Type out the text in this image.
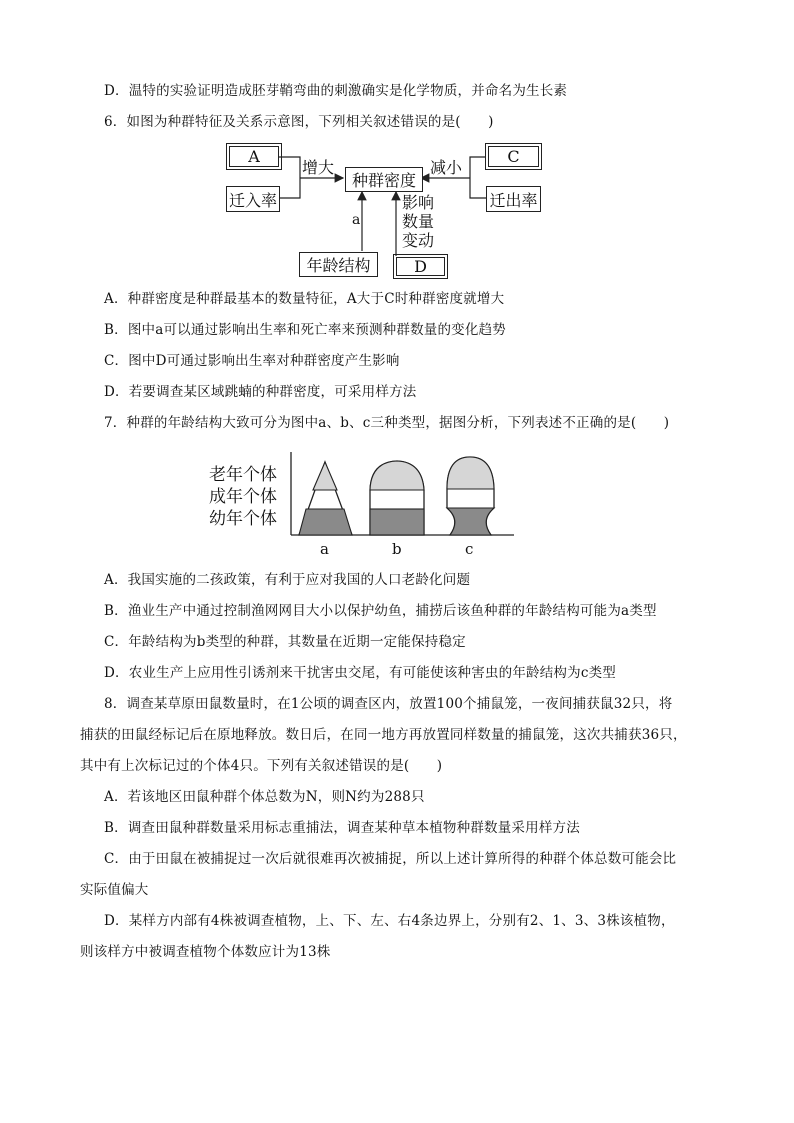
D．温特的实验证明造成胚芽鞘弯曲的刺激确实是化学物质，并命名为生长素
6．如图为种群特征及关系示意图，下列相关叙述错误的是(　　)
A
迁入率
种群密度
C
迁出率
年龄结构	D
增大	减小
a
影响
数量
变动
A．种群密度是种群最基本的数量特征，A大于C时种群密度就增大
B．图中a可以通过影响出生率和死亡率来预测种群数量的变化趋势
C．图中D可通过影响出生率对种群密度产生影响
D．若要调查某区域跳蝻的种群密度，可采用样方法
7．种群的年龄结构大致可分为图中a、b、c三种类型，据图分析，下列表述不正确的是(　　)
老年个体
成年个体
幼年个体
a	b	c
A．我国实施的二孩政策，有利于应对我国的人口老龄化问题
B．渔业生产中通过控制渔网网目大小以保护幼鱼，捕捞后该鱼种群的年龄结构可能为a类型
C．年龄结构为b类型的种群，其数量在近期一定能保持稳定
D．农业生产上应用性引诱剂来干扰害虫交尾，有可能使该种害虫的年龄结构为c类型
8．调查某草原田鼠数量时，在1公顷的调查区内，放置100个捕鼠笼，一夜间捕获鼠32只，将
捕获的田鼠经标记后在原地释放。数日后，在同一地方再放置同样数量的捕鼠笼，这次共捕获36只，
其中有上次标记过的个体4只。下列有关叙述错误的是(　　)
A．若该地区田鼠种群个体总数为N，则N约为288只
B．调查田鼠种群数量采用标志重捕法，调查某种草本植物种群数量采用样方法
C．由于田鼠在被捕捉过一次后就很难再次被捕捉，所以上述计算所得的种群个体总数可能会比
实际值偏大
D．某样方内部有4株被调查植物，上、下、左、右4条边界上，分别有2、1、3、3株该植物，
则该样方中被调查植物个体数应计为13株
